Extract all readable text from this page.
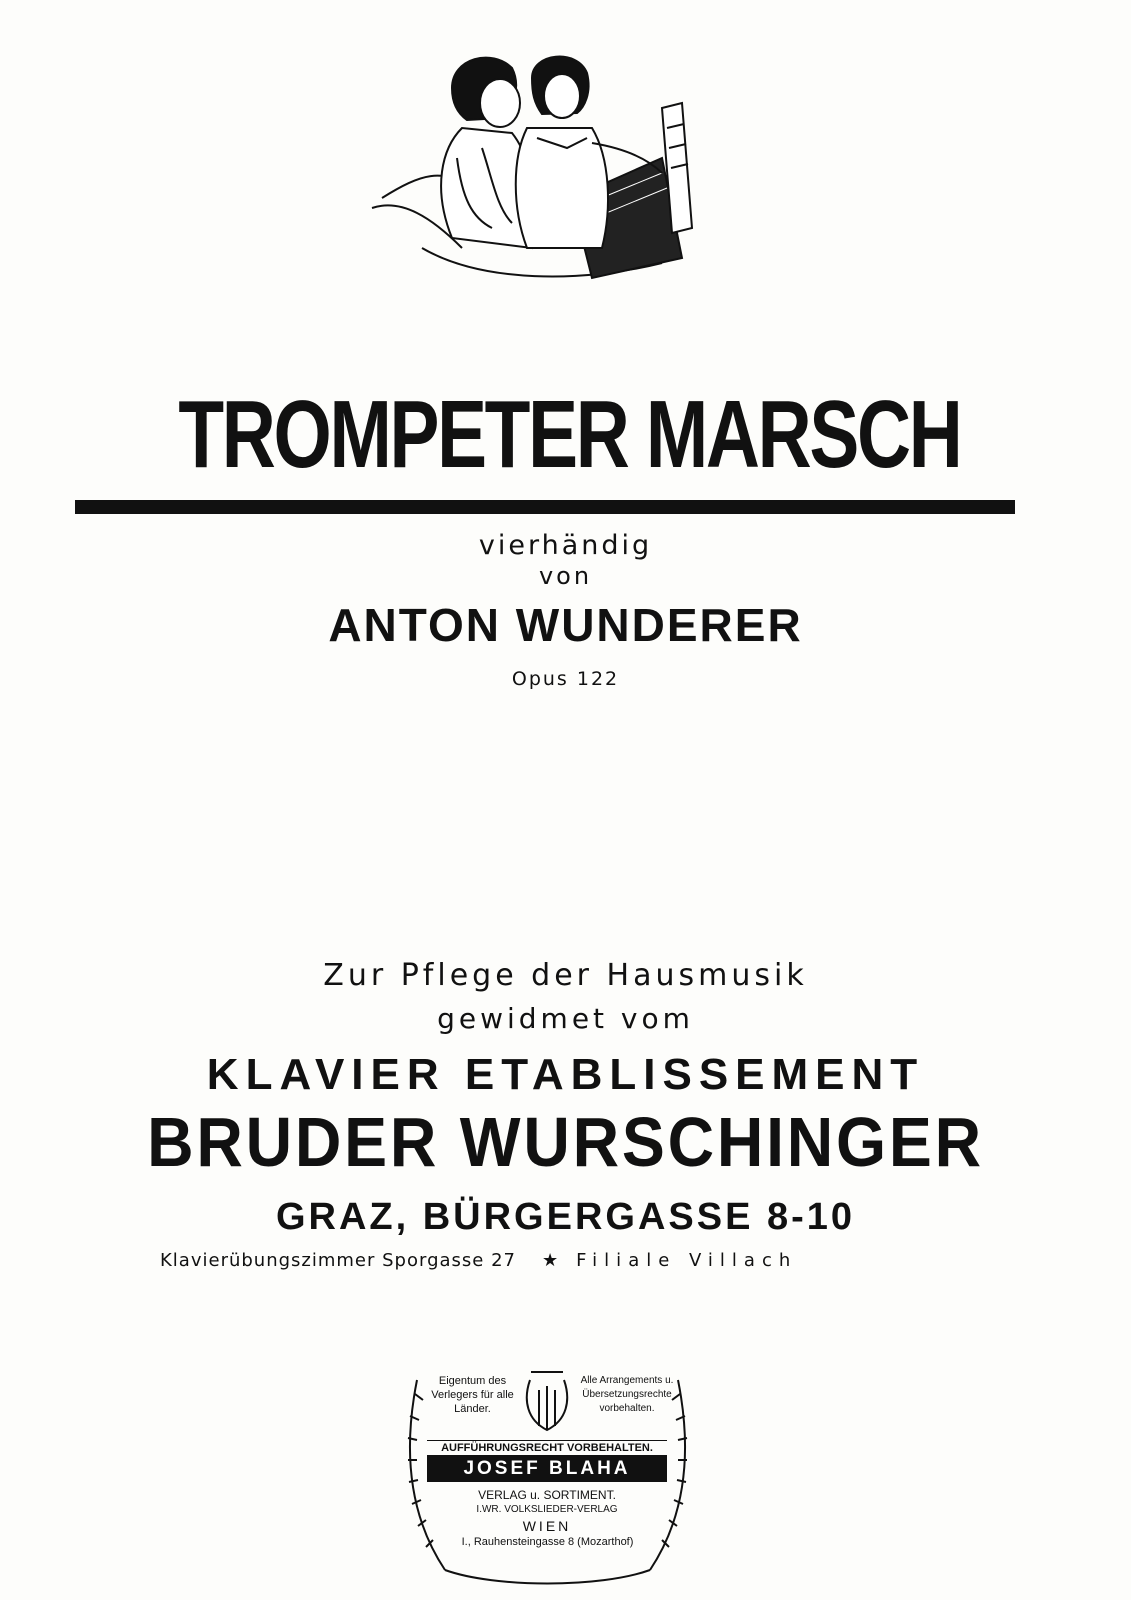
TROMPETER MARSCH
vierhändig
von
ANTON WUNDERER
Opus 122
Zur Pflege der Hausmusik
gewidmet vom
KLAVIER ETABLISSEMENT
BRUDER WURSCHINGER
GRAZ, BÜRGERGASSE 8-10
Klavierübungszimmer Sporgasse 27 ★ Filiale Villach
Eigentum des Verlegers für alle Länder.
Alle Arrangements u. Übersetzungsrechte vorbehalten.
AUFFÜHRUNGSRECHT VORBEHALTEN.
JOSEF BLAHA
VERLAG u. SORTIMENT.
I.WR. VOLKSLIEDER-VERLAG
WIEN
I., Rauhensteingasse 8 (Mozarthof)
